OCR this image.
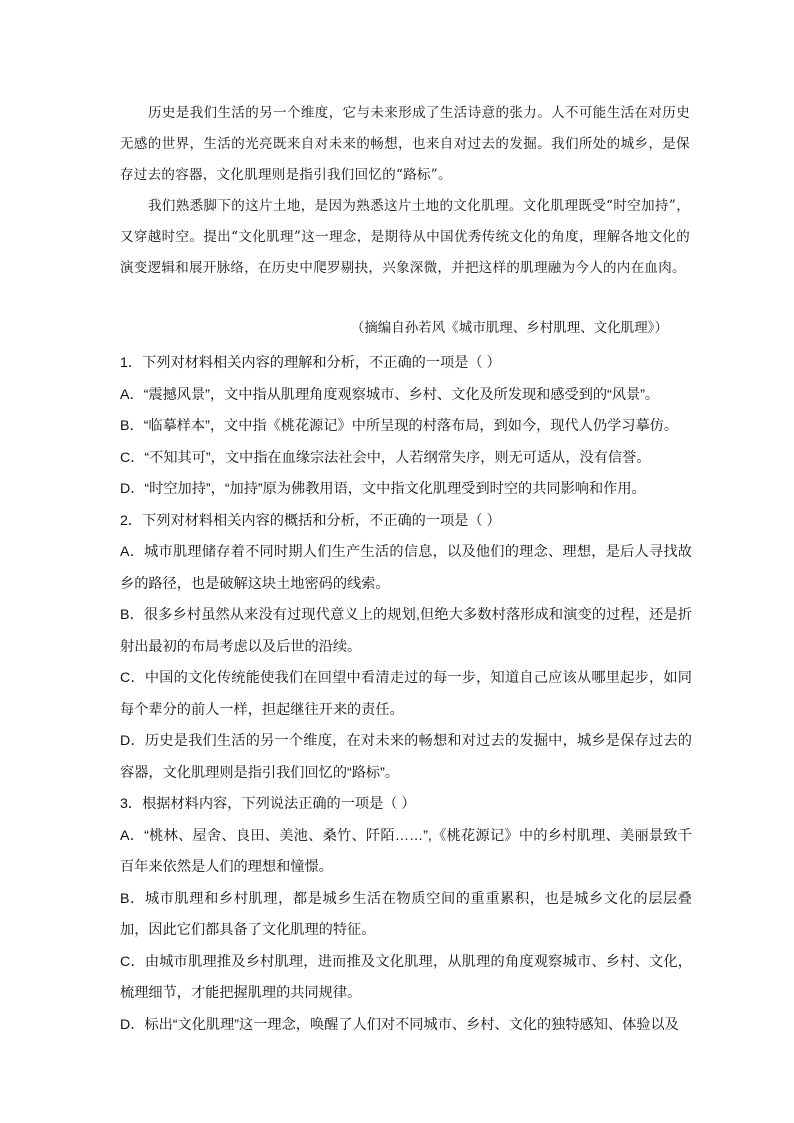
历史是我们生活的另一个维度，它与未来形成了生活诗意的张力。人不可能生活在对历史无感的世界，生活的光亮既来自对未来的畅想，也来自对过去的发掘。我们所处的城乡，是保存过去的容器，文化肌理则是指引我们回忆的“路标”。

我们熟悉脚下的这片土地，是因为熟悉这片土地的文化肌理。文化肌理既受“时空加持”，又穿越时空。提出“文化肌理”这一理念，是期待从中国优秀传统文化的角度，理解各地文化的演变逻辑和展开脉络，在历史中爬罗剔抉，兴象深微，并把这样的肌理融为今人的内在血肉。

（摘编自孙若风《城市肌理、乡村肌理、文化肌理》）

1．下列对材料相关内容的理解和分析，不正确的一项是（ ）

A．“震撼风景”，文中指从肌理角度观察城市、乡村、文化及所发现和感受到的“风景”。

B．“临摹样本”，文中指《桃花源记》中所呈现的村落布局，到如今，现代人仍学习摹仿。

C．“不知其可”，文中指在血缘宗法社会中，人若纲常失序，则无可适从，没有信誉。

D．“时空加持”，“加持”原为佛教用语，文中指文化肌理受到时空的共同影响和作用。

2．下列对材料相关内容的概括和分析，不正确的一项是（ ）

A．城市肌理储存着不同时期人们生产生活的信息，以及他们的理念、理想，是后人寻找故乡的路径，也是破解这块土地密码的线索。

B．很多乡村虽然从来没有过现代意义上的规划,但绝大多数村落形成和演变的过程，还是折射出最初的布局考虑以及后世的沿续。

C．中国的文化传统能使我们在回望中看清走过的每一步，知道自己应该从哪里起步，如同每个辈分的前人一样，担起继往开来的责任。

D．历史是我们生活的另一个维度，在对未来的畅想和对过去的发掘中，城乡是保存过去的容器，文化肌理则是指引我们回忆的“路标”。

3．根据材料内容，下列说法正确的一项是（ ）

A．“桃林、屋舍、良田、美池、桑竹、阡陌……”,《桃花源记》中的乡村肌理、美丽景致千百年来依然是人们的理想和憧憬。

B．城市肌理和乡村肌理，都是城乡生活在物质空间的重重累积，也是城乡文化的层层叠加，因此它们都具备了文化肌理的特征。

C．由城市肌理推及乡村肌理，进而推及文化肌理，从肌理的角度观察城市、乡村、文化，梳理细节，才能把握肌理的共同规律。

D．标出“文化肌理”这一理念，唤醒了人们对不同城市、乡村、文化的独特感知、体验以及
